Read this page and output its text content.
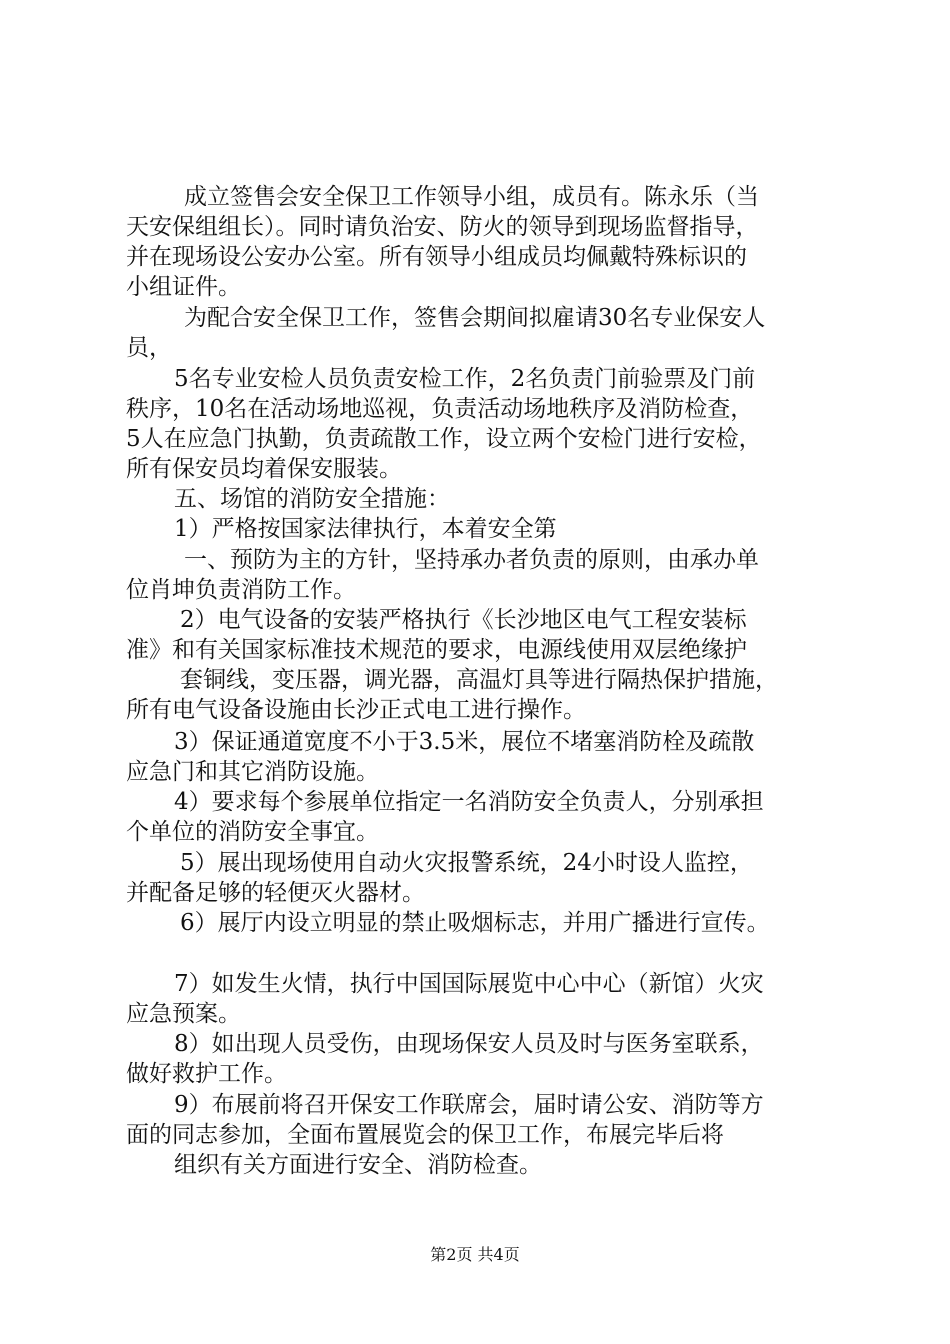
成立签售会安全保卫工作领导小组，成员有。陈永乐（当
天安保组组长）。同时请负治安、防火的领导到现场监督指导，
并在现场设公安办公室。所有领导小组成员均佩戴特殊标识的
小组证件。
为配合安全保卫工作，签售会期间拟雇请30名专业保安人
员，
5名专业安检人员负责安检工作，2名负责门前验票及门前
秩序，10名在活动场地巡视，负责活动场地秩序及消防检查，
5人在应急门执勤，负责疏散工作，设立两个安检门进行安检，
所有保安员均着保安服装。
五、场馆的消防安全措施：
1）严格按国家法律执行，本着安全第
一、预防为主的方针，坚持承办者负责的原则，由承办单
位肖坤负责消防工作。
2）电气设备的安装严格执行《长沙地区电气工程安装标
准》和有关国家标准技术规范的要求，电源线使用双层绝缘护
套铜线，变压器，调光器，高温灯具等进行隔热保护措施，
所有电气设备设施由长沙正式电工进行操作。
3）保证通道宽度不小于3.5米，展位不堵塞消防栓及疏散
应急门和其它消防设施。
4）要求每个参展单位指定一名消防安全负责人，分别承担
个单位的消防安全事宜。
5）展出现场使用自动火灾报警系统，24小时设人监控，
并配备足够的轻便灭火器材。
6）展厅内设立明显的禁止吸烟标志，并用广播进行宣传。
7）如发生火情，执行中国国际展览中心中心（新馆）火灾
应急预案。
8）如出现人员受伤，由现场保安人员及时与医务室联系，
做好救护工作。
9）布展前将召开保安工作联席会，届时请公安、消防等方
面的同志参加，全面布置展览会的保卫工作，布展完毕后将
组织有关方面进行安全、消防检查。
第2页 共4页
